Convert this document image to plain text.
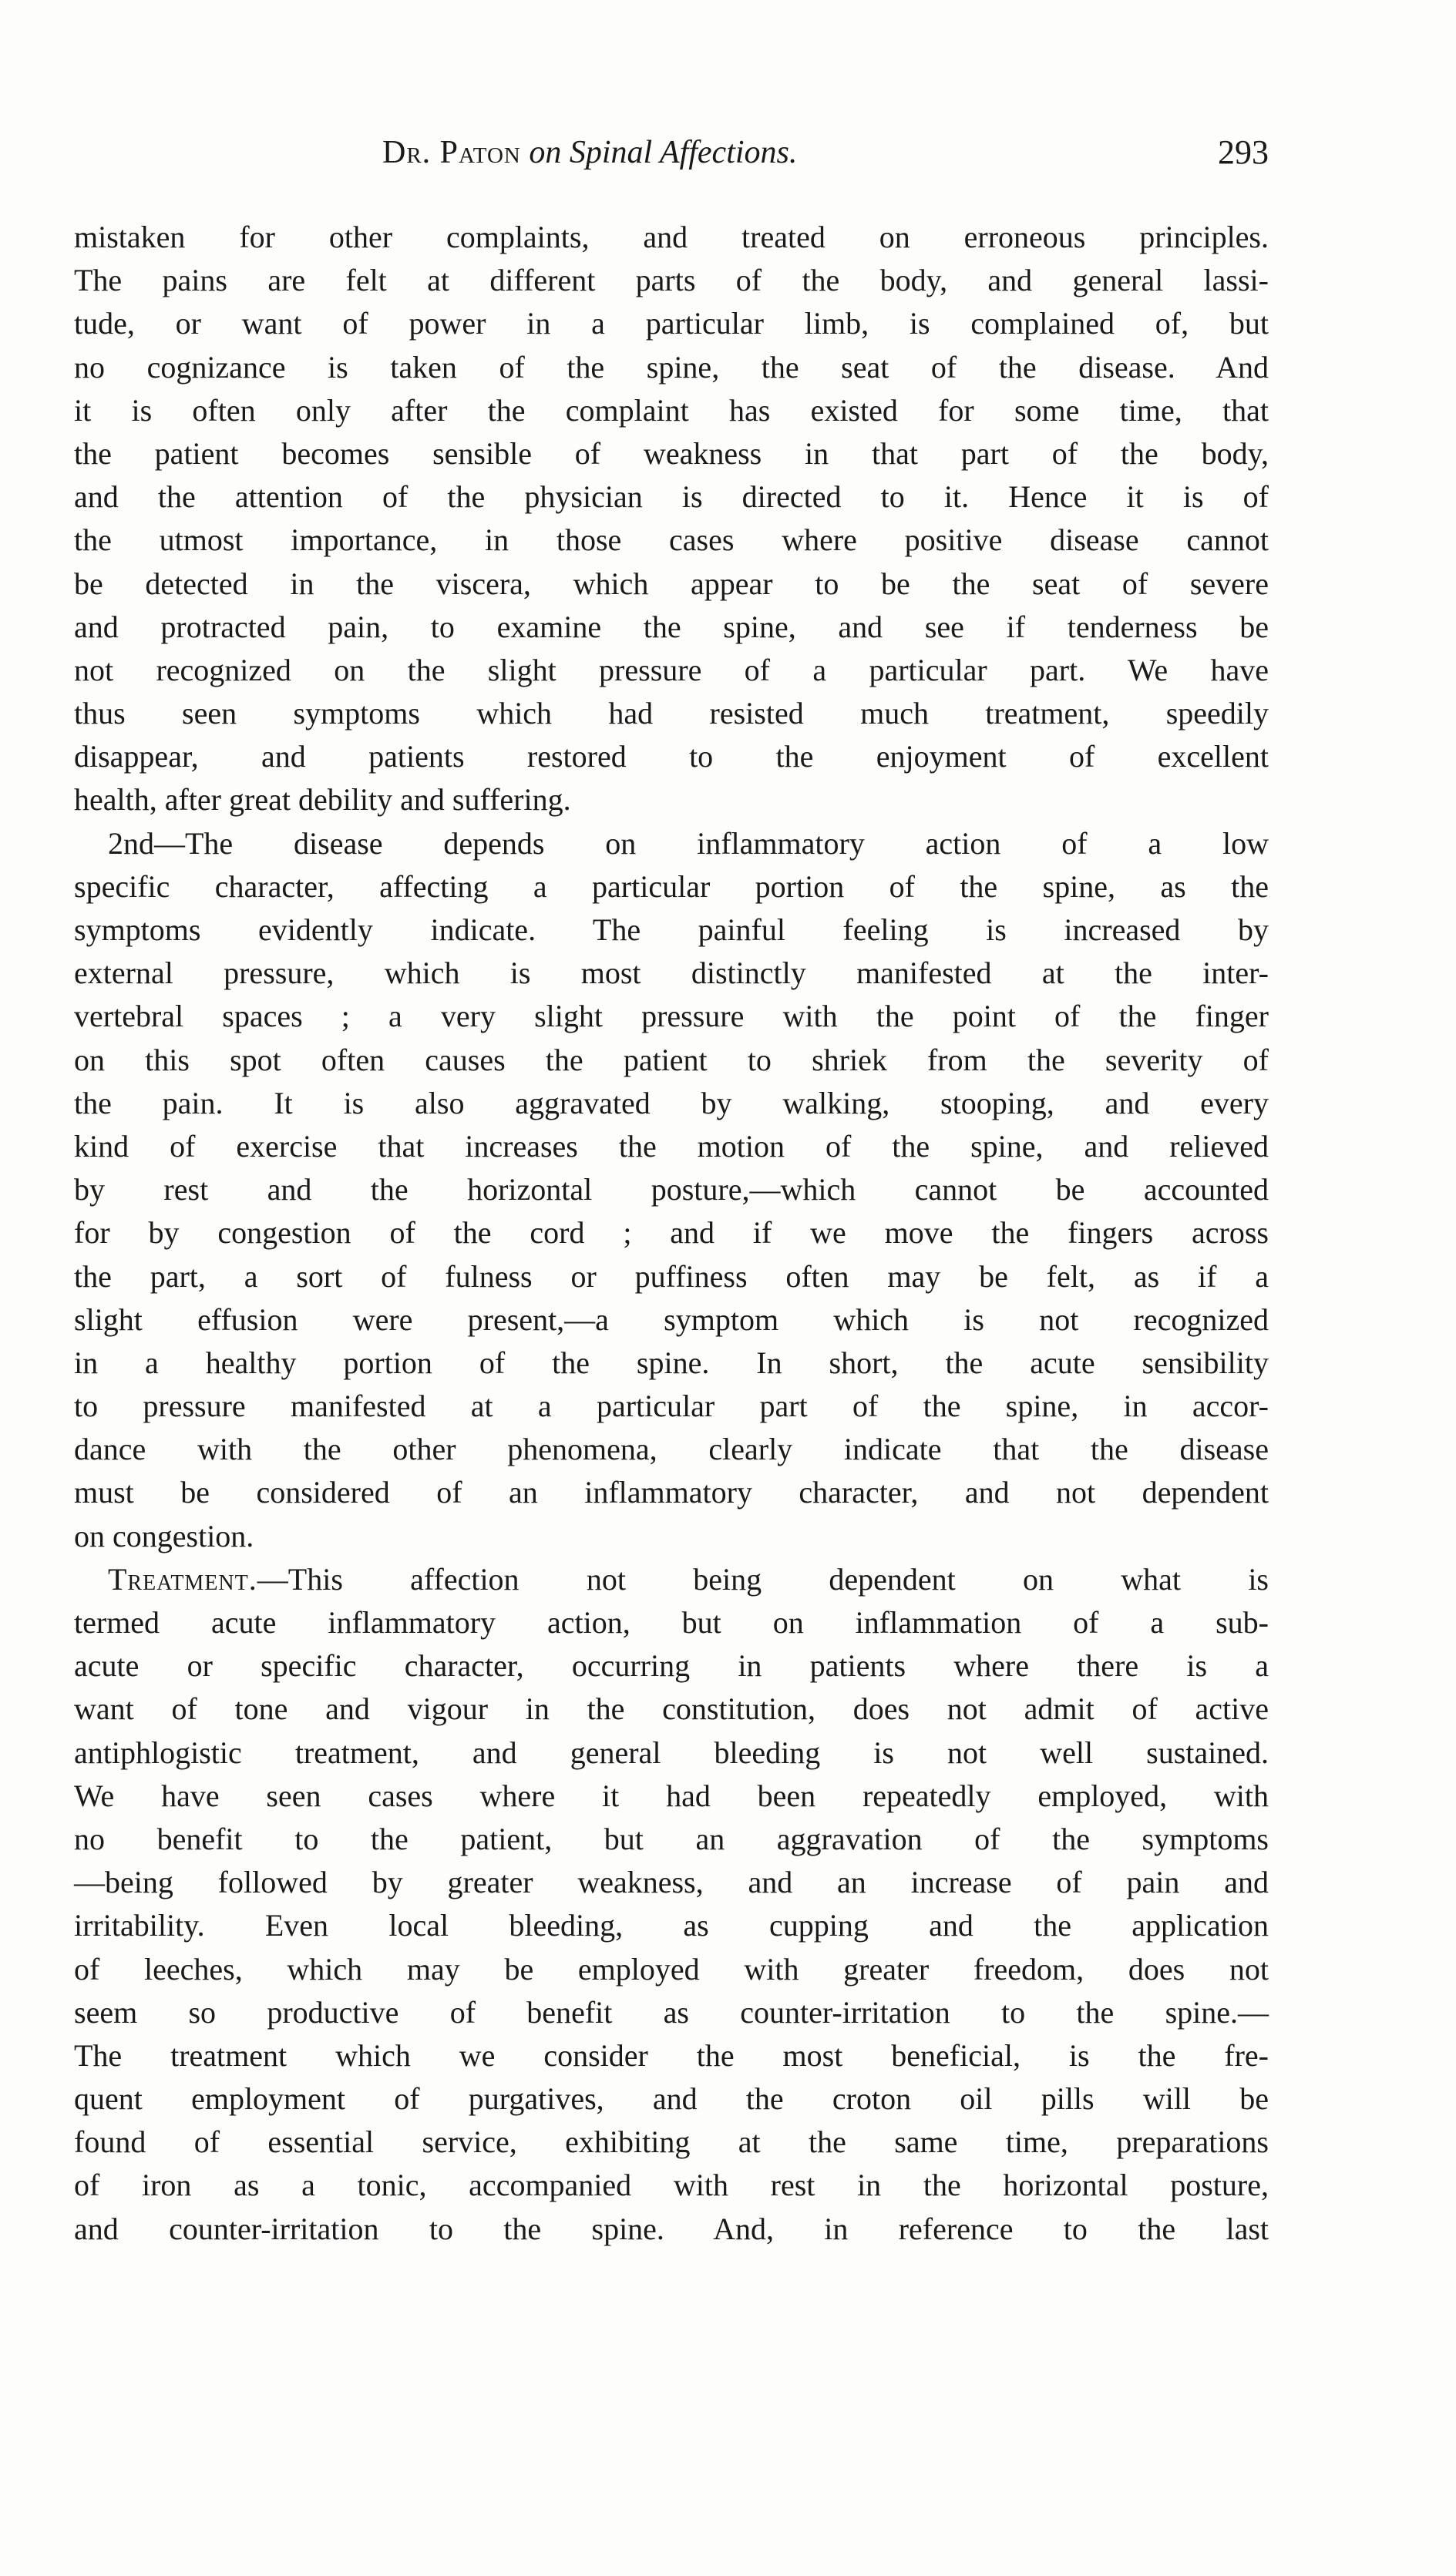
Dr. Paton on Spinal Affections.	293
mistaken for other complaints, and treated on erroneous principles.
The pains are felt at different parts of the body, and general lassi-
tude, or want of power in a particular limb, is complained of, but
no cognizance is taken of the spine, the seat of the disease. And
it is often only after the complaint has existed for some time, that
the patient becomes sensible of weakness in that part of the body,
and the attention of the physician is directed to it. Hence it is of
the utmost importance, in those cases where positive disease cannot
be detected in the viscera, which appear to be the seat of severe
and protracted pain, to examine the spine, and see if tenderness be
not recognized on the slight pressure of a particular part. We have
thus seen symptoms which had resisted much treatment, speedily
disappear, and patients restored to the enjoyment of excellent
health, after great debility and suffering.
2nd—The disease depends on inflammatory action of a low
specific character, affecting a particular portion of the spine, as the
symptoms evidently indicate. The painful feeling is increased by
external pressure, which is most distinctly manifested at the inter-
vertebral spaces ; a very slight pressure with the point of the finger
on this spot often causes the patient to shriek from the severity of
the pain. It is also aggravated by walking, stooping, and every
kind of exercise that increases the motion of the spine, and relieved
by rest and the horizontal posture,—which cannot be accounted
for by congestion of the cord ; and if we move the fingers across
the part, a sort of fulness or puffiness often may be felt, as if a
slight effusion were present,—a symptom which is not recognized
in a healthy portion of the spine. In short, the acute sensibility
to pressure manifested at a particular part of the spine, in accor-
dance with the other phenomena, clearly indicate that the disease
must be considered of an inflammatory character, and not dependent
on congestion.
Treatment.—This affection not being dependent on what is
termed acute inflammatory action, but on inflammation of a sub-
acute or specific character, occurring in patients where there is a
want of tone and vigour in the constitution, does not admit of active
antiphlogistic treatment, and general bleeding is not well sustained.
We have seen cases where it had been repeatedly employed, with
no benefit to the patient, but an aggravation of the symptoms
—being followed by greater weakness, and an increase of pain and
irritability. Even local bleeding, as cupping and the application
of leeches, which may be employed with greater freedom, does not
seem so productive of benefit as counter-irritation to the spine.—
The treatment which we consider the most beneficial, is the fre-
quent employment of purgatives, and the croton oil pills will be
found of essential service, exhibiting at the same time, preparations
of iron as a tonic, accompanied with rest in the horizontal posture,
and counter-irritation to the spine. And, in reference to the last
